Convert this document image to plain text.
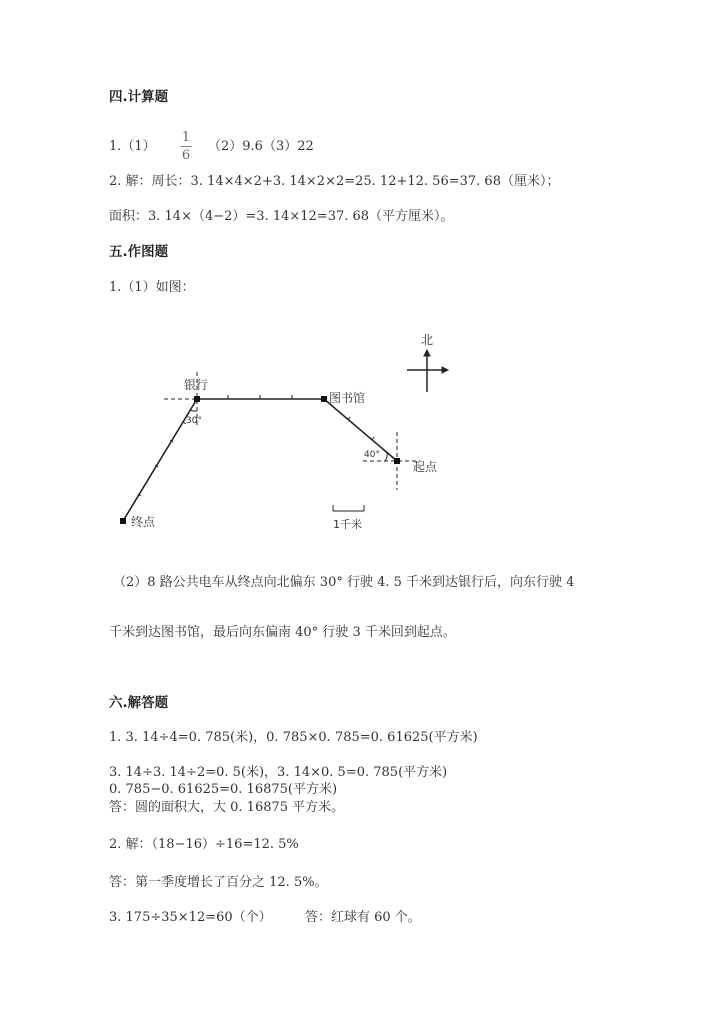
四.计算题
1.（1）
1
6
（2）9.6（3）22
2. 解：周长：3. 14×4×2+3. 14×2×2=25. 12+12. 56=37. 68（厘米）；
面积：3. 14×（4−2）=3. 14×12=37. 68（平方厘米）。
五.作图题
1.（1）如图：
北
银行
图书馆
起点
终点
30°
40°
1千米
（2）8 路公共电车从终点向北偏东 30° 行驶 4. 5 千米到达银行后，向东行驶 4
千米到达图书馆，最后向东偏南 40° 行驶 3 千米回到起点。
六.解答题
1. 3. 14÷4=0. 785(米)，0. 785×0. 785=0. 61625(平方米)
3. 14÷3. 14÷2=0. 5(米)，3. 14×0. 5=0. 785(平方米)
0. 785−0. 61625=0. 16875(平方米)
答：圆的面积大，大 0. 16875 平方米。
2. 解：（18−16）÷16=12. 5%
答：第一季度增长了百分之 12. 5%。
3. 175÷35×12=60（个）	答：红球有 60 个。
